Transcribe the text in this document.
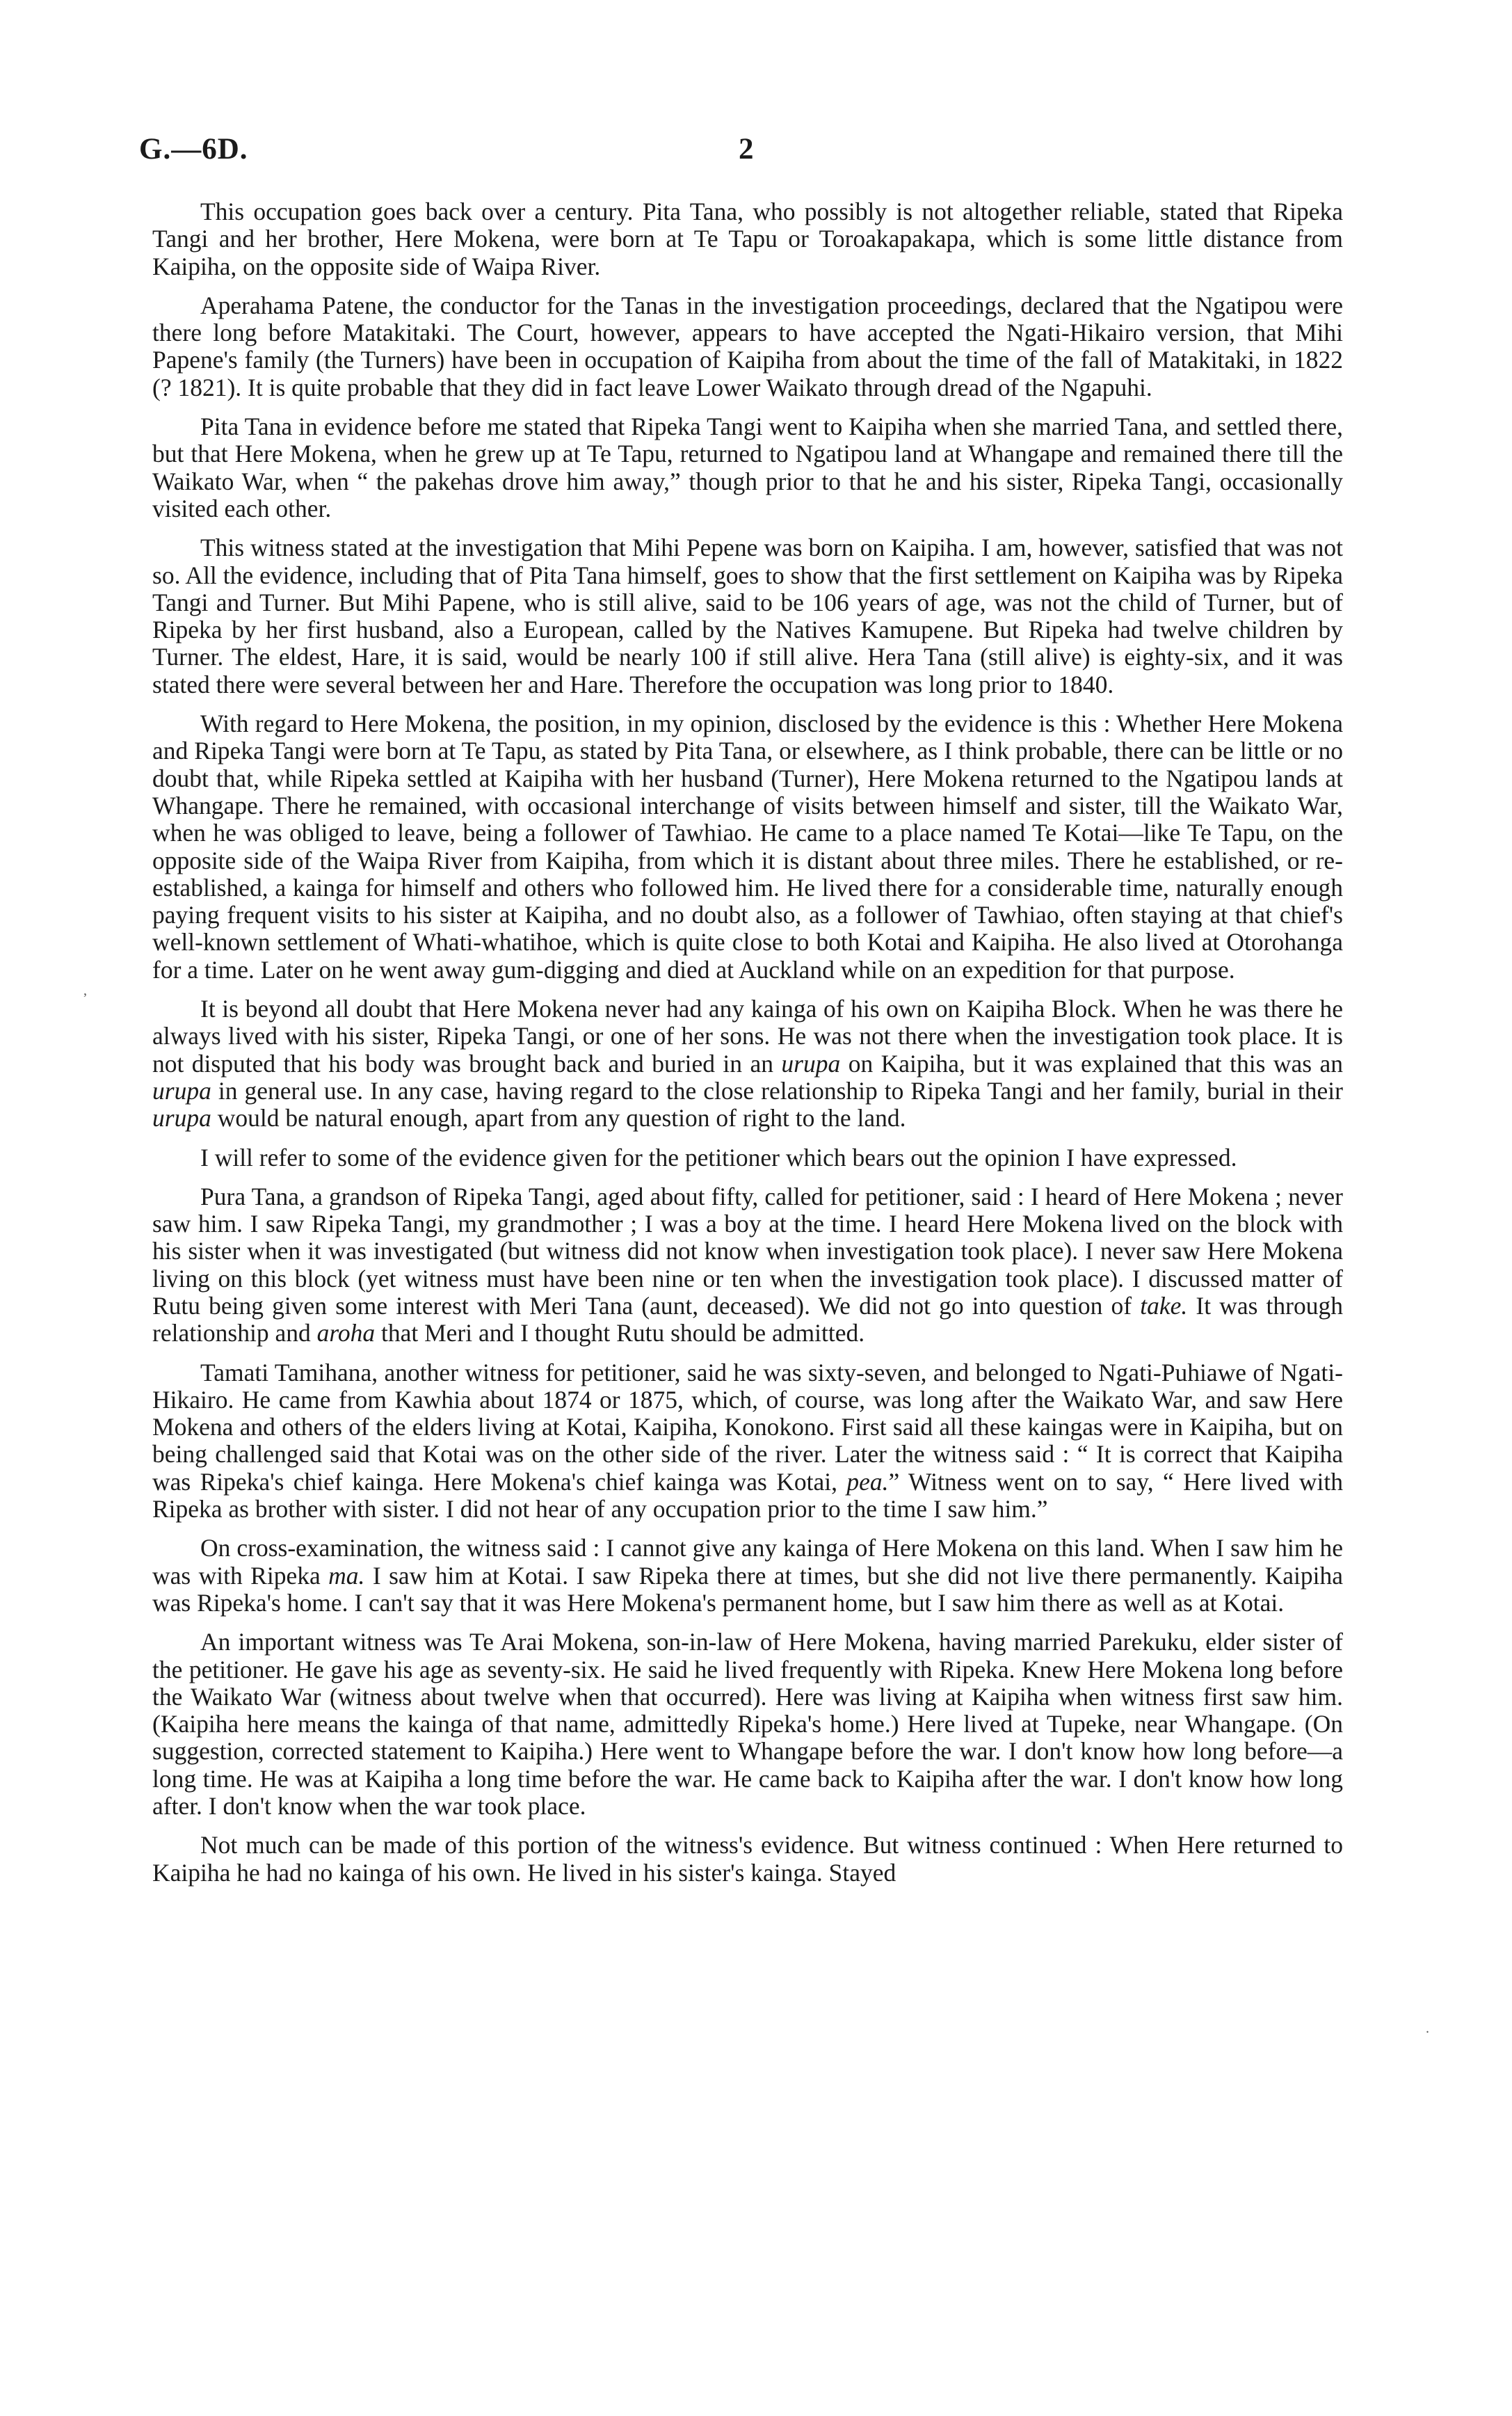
G.—6D.	2

This occupation goes back over a century. Pita Tana, who possibly is not altogether reliable, stated that Ripeka Tangi and her brother, Here Mokena, were born at Te Tapu or Toroakapakapa, which is some little distance from Kaipiha, on the opposite side of Waipa River.

Aperahama Patene, the conductor for the Tanas in the investigation proceedings, declared that the Ngatipou were there long before Matakitaki. The Court, however, appears to have accepted the Ngati-Hikairo version, that Mihi Papene's family (the Turners) have been in occupation of Kaipiha from about the time of the fall of Matakitaki, in 1822 (? 1821). It is quite probable that they did in fact leave Lower Waikato through dread of the Ngapuhi.

Pita Tana in evidence before me stated that Ripeka Tangi went to Kaipiha when she married Tana, and settled there, but that Here Mokena, when he grew up at Te Tapu, returned to Ngatipou land at Whangape and remained there till the Waikato War, when “ the pakehas drove him away,” though prior to that he and his sister, Ripeka Tangi, occasionally visited each other.

This witness stated at the investigation that Mihi Pepene was born on Kaipiha. I am, however, satisfied that was not so. All the evidence, including that of Pita Tana himself, goes to show that the first settlement on Kaipiha was by Ripeka Tangi and Turner. But Mihi Papene, who is still alive, said to be 106 years of age, was not the child of Turner, but of Ripeka by her first husband, also a European, called by the Natives Kamupene. But Ripeka had twelve children by Turner. The eldest, Hare, it is said, would be nearly 100 if still alive. Hera Tana (still alive) is eighty-six, and it was stated there were several between her and Hare. Therefore the occupation was long prior to 1840.

With regard to Here Mokena, the position, in my opinion, disclosed by the evidence is this : Whether Here Mokena and Ripeka Tangi were born at Te Tapu, as stated by Pita Tana, or elsewhere, as I think probable, there can be little or no doubt that, while Ripeka settled at Kaipiha with her husband (Turner), Here Mokena returned to the Ngatipou lands at Whangape. There he remained, with occasional interchange of visits between himself and sister, till the Waikato War, when he was obliged to leave, being a follower of Tawhiao. He came to a place named Te Kotai—like Te Tapu, on the opposite side of the Waipa River from Kaipiha, from which it is distant about three miles. There he established, or re-established, a kainga for himself and others who followed him. He lived there for a considerable time, naturally enough paying frequent visits to his sister at Kaipiha, and no doubt also, as a follower of Tawhiao, often staying at that chief's well-known settlement of Whati-whatihoe, which is quite close to both Kotai and Kaipiha. He also lived at Otorohanga for a time. Later on he went away gum-digging and died at Auckland while on an expedition for that purpose.

It is beyond all doubt that Here Mokena never had any kainga of his own on Kaipiha Block. When he was there he always lived with his sister, Ripeka Tangi, or one of her sons. He was not there when the investigation took place. It is not disputed that his body was brought back and buried in an urupa on Kaipiha, but it was explained that this was an urupa in general use. In any case, having regard to the close relationship to Ripeka Tangi and her family, burial in their urupa would be natural enough, apart from any question of right to the land.

I will refer to some of the evidence given for the petitioner which bears out the opinion I have expressed.

Pura Tana, a grandson of Ripeka Tangi, aged about fifty, called for petitioner, said : I heard of Here Mokena ; never saw him. I saw Ripeka Tangi, my grandmother ; I was a boy at the time. I heard Here Mokena lived on the block with his sister when it was investigated (but witness did not know when investigation took place). I never saw Here Mokena living on this block (yet witness must have been nine or ten when the investigation took place). I discussed matter of Rutu being given some interest with Meri Tana (aunt, deceased). We did not go into question of take. It was through relationship and aroha that Meri and I thought Rutu should be admitted.

Tamati Tamihana, another witness for petitioner, said he was sixty-seven, and belonged to Ngati-Puhiawe of Ngati-Hikairo. He came from Kawhia about 1874 or 1875, which, of course, was long after the Waikato War, and saw Here Mokena and others of the elders living at Kotai, Kaipiha, Konokono. First said all these kaingas were in Kaipiha, but on being challenged said that Kotai was on the other side of the river. Later the witness said : “ It is correct that Kaipiha was Ripeka's chief kainga. Here Mokena's chief kainga was Kotai, pea.” Witness went on to say, “ Here lived with Ripeka as brother with sister. I did not hear of any occupation prior to the time I saw him.”

On cross-examination, the witness said : I cannot give any kainga of Here Mokena on this land. When I saw him he was with Ripeka ma. I saw him at Kotai. I saw Ripeka there at times, but she did not live there permanently. Kaipiha was Ripeka's home. I can't say that it was Here Mokena's permanent home, but I saw him there as well as at Kotai.

An important witness was Te Arai Mokena, son-in-law of Here Mokena, having married Parekuku, elder sister of the petitioner. He gave his age as seventy-six. He said he lived frequently with Ripeka. Knew Here Mokena long before the Waikato War (witness about twelve when that occurred). Here was living at Kaipiha when witness first saw him. (Kaipiha here means the kainga of that name, admittedly Ripeka's home.) Here lived at Tupeke, near Whangape. (On suggestion, corrected statement to Kaipiha.) Here went to Whangape before the war. I don't know how long before—a long time. He was at Kaipiha a long time before the war. He came back to Kaipiha after the war. I don't know how long after. I don't know when the war took place.

Not much can be made of this portion of the witness's evidence. But witness continued : When Here returned to Kaipiha he had no kainga of his own. He lived in his sister's kainga. Stayed

,
.
